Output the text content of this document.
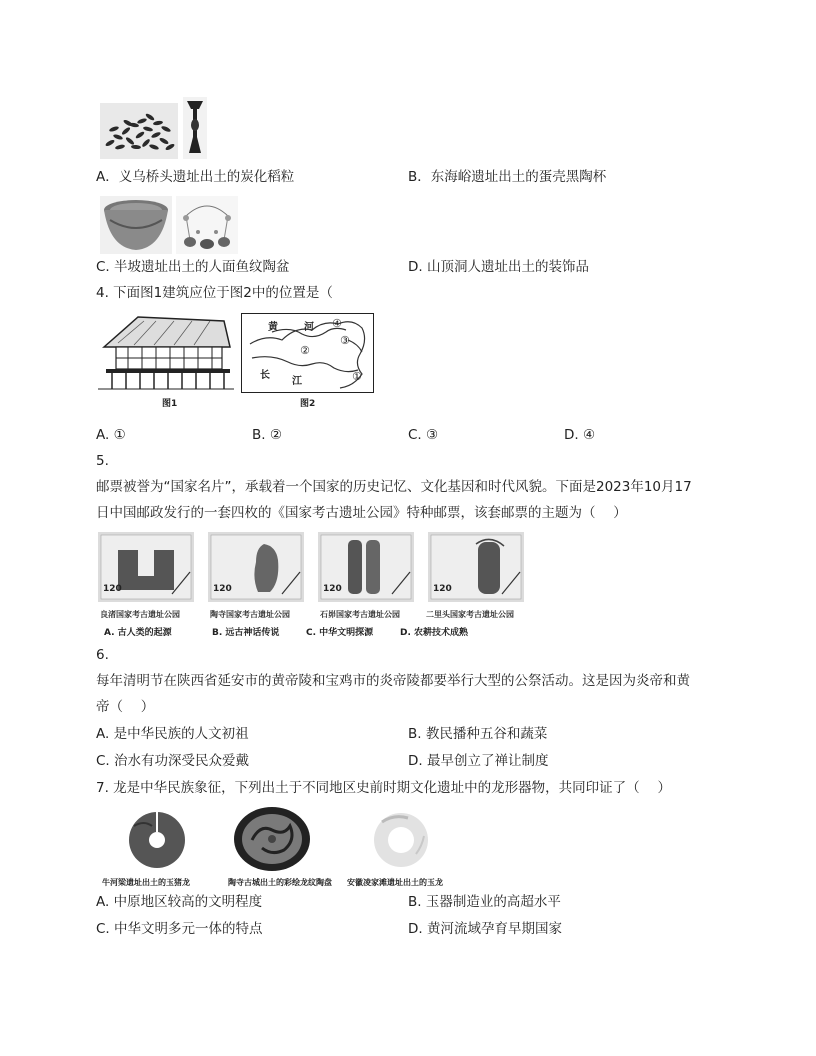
A．义乌桥头遗址出土的炭化稻粒	B．东海峪遗址出土的蛋壳黑陶杯
C. 半坡遗址出土的人面鱼纹陶盆	D. 山顶洞人遗址出土的装饰品
4. 下面图1建筑应位于图2中的位置是（
图1
黄	河
长
江	①
②
③
④
图2
A. ①	B. ②	C. ③	D. ④
5.
邮票被誉为“国家名片”，承载着一个国家的历史记忆、文化基因和时代风貌。下面是2023年10月17
日中国邮政发行的一套四枚的《国家考古遗址公园》特种邮票，该套邮票的主题为（　 ）
120	120	120	120
良渚国家考古遗址公园	陶寺国家考古遗址公园	石峁国家考古遗址公园	二里头国家考古遗址公园
A. 古人类的起源	B. 远古神话传说	C. 中华文明探源	D. 农耕技术成熟
6.
每年清明节在陕西省延安市的黄帝陵和宝鸡市的炎帝陵都要举行大型的公祭活动。这是因为炎帝和黄
帝（　 ）
A. 是中华民族的人文初祖	B. 教民播种五谷和蔬菜
C. 治水有功深受民众爱戴	D. 最早创立了禅让制度
7. 龙是中华民族象征，下列出土于不同地区史前时期文化遗址中的龙形器物，共同印证了（　 ）
牛河梁遗址出土的玉猪龙	陶寺古城出土的彩绘龙纹陶盘 安徽凌家滩遗址出土的玉龙
A. 中原地区较高的文明程度	B. 玉器制造业的高超水平
C. 中华文明多元一体的特点	D. 黄河流域孕育早期国家
